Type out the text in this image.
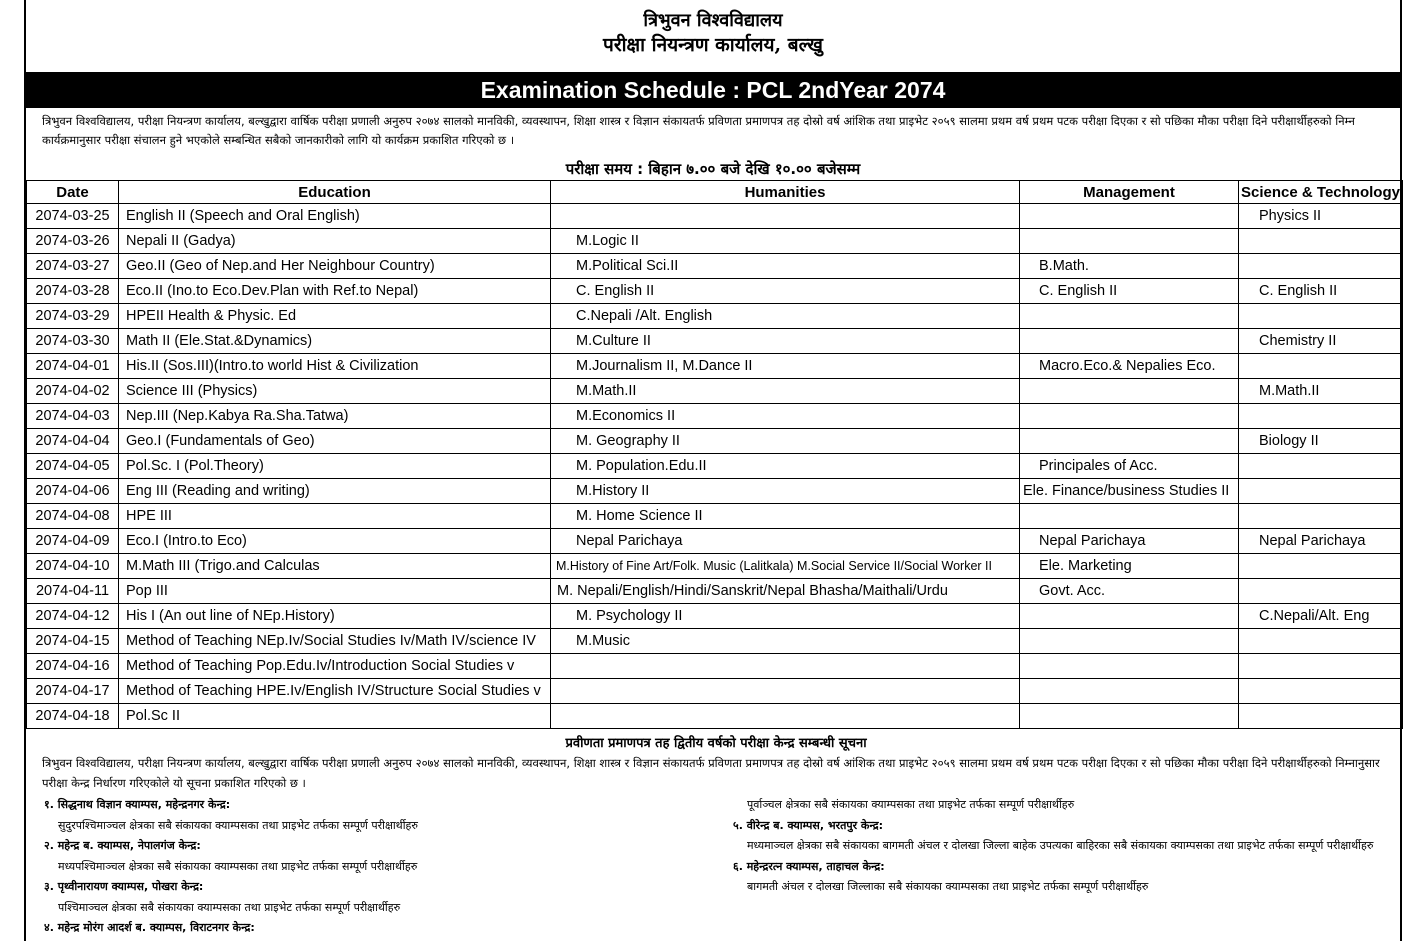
त्रिभुवन विश्वविद्यालय
परीक्षा नियन्त्रण कार्यालय, बल्खु
Examination Schedule : PCL 2ndYear 2074
त्रिभुवन विश्वविद्यालय, परीक्षा नियन्त्रण कार्यालय, बल्खुद्वारा वार्षिक परीक्षा प्रणाली अनुरुप २०७४ सालको मानविकी, व्यवस्थापन, शिक्षा शास्त्र र विज्ञान संकायतर्फ प्रविणता प्रमाणपत्र तह दोस्रो वर्ष आंशिक तथा प्राइभेट २०५९ सालमा प्रथम वर्ष प्रथम पटक परीक्षा दिएका र सो पछिका मौका परीक्षा दिने परीक्षार्थीहरुको निम्न कार्यक्रमानुसार परीक्षा संचालन हुने भएकोले सम्बन्धित सबैको जानकारीको लागि यो कार्यक्रम प्रकाशित गरिएको छ ।
परीक्षा समय : बिहान ७.०० बजे देखि १०.०० बजेसम्म
Date	Education	Humanities	Management	Science & Technology
2074-03-25	English II (Speech and Oral English)			Physics II
2074-03-26	Nepali II (Gadya)	M.Logic II		
2074-03-27	Geo.II (Geo of Nep.and Her Neighbour Country)	M.Political Sci.II	B.Math.	
2074-03-28	Eco.II (Ino.to Eco.Dev.Plan with Ref.to Nepal)	C. English II	C. English II	C. English II
2074-03-29	HPEII Health & Physic. Ed	C.Nepali /Alt. English		
2074-03-30	Math II (Ele.Stat.&Dynamics)	M.Culture II		Chemistry II
2074-04-01	His.II (Sos.III)(Intro.to world Hist & Civilization	M.Journalism II, M.Dance II	Macro.Eco.& Nepalies Eco.	
2074-04-02	Science III (Physics)	M.Math.II		M.Math.II
2074-04-03	Nep.III (Nep.Kabya Ra.Sha.Tatwa)	M.Economics II		
2074-04-04	Geo.I (Fundamentals of Geo)	M. Geography II		Biology II
2074-04-05	Pol.Sc. I (Pol.Theory)	M. Population.Edu.II	Principales of Acc.	
2074-04-06	Eng III (Reading and writing)	M.History II	Ele. Finance/business Studies II	
2074-04-08	HPE III	M. Home Science II		
2074-04-09	Eco.I (Intro.to Eco)	Nepal Parichaya	Nepal Parichaya	Nepal Parichaya
2074-04-10	M.Math III (Trigo.and Calculas	M.History of Fine Art/Folk. Music (Lalitkala) M.Social Service II/Social Worker II	Ele. Marketing	
2074-04-11	Pop III	M. Nepali/English/Hindi/Sanskrit/Nepal Bhasha/Maithali/Urdu	Govt. Acc.	
2074-04-12	His I (An out line of NEp.History)	M. Psychology II		C.Nepali/Alt. Eng
2074-04-15	Method of Teaching NEp.Iv/Social Studies Iv/Math IV/science IV	M.Music		
2074-04-16	Method of Teaching Pop.Edu.Iv/Introduction Social Studies v			
2074-04-17	Method of Teaching HPE.Iv/English IV/Structure Social Studies v			
2074-04-18	Pol.Sc II			
प्रवीणता प्रमाणपत्र तह द्वितीय वर्षको परीक्षा केन्द्र सम्बन्धी सूचना
त्रिभुवन विश्वविद्यालय, परीक्षा नियन्त्रण कार्यालय, बल्खुद्वारा वार्षिक परीक्षा प्रणाली अनुरुप २०७४ सालको मानविकी, व्यवस्थापन, शिक्षा शास्त्र र विज्ञान संकायतर्फ प्रविणता प्रमाणपत्र तह दोस्रो वर्ष आंशिक तथा प्राइभेट २०५९ सालमा प्रथम वर्ष प्रथम पटक परीक्षा दिएका र सो पछिका मौका परीक्षा दिने परीक्षार्थीहरुको निम्नानुसार परीक्षा केन्द्र निर्धारण गरिएकोले यो सूचना प्रकाशित गरिएको छ ।
१. सिद्धनाथ विज्ञान क्याम्पस, महेन्द्रनगर केन्द्र:
सुदुरपश्चिमाञ्चल क्षेत्रका सबै संकायका क्याम्पसका तथा प्राइभेट तर्फका सम्पूर्ण परीक्षार्थीहरु
२. महेन्द्र ब. क्याम्पस, नेपालगंज केन्द्र:
मध्यपश्चिमाञ्चल क्षेत्रका सबै संकायका क्याम्पसका तथा प्राइभेट तर्फका सम्पूर्ण परीक्षार्थीहरु
३. पृथ्वीनारायण क्याम्पस, पोखरा केन्द्र:
पश्चिमाञ्चल क्षेत्रका सबै संकायका क्याम्पसका तथा प्राइभेट तर्फका सम्पूर्ण परीक्षार्थीहरु
४. महेन्द्र मोरंग आदर्श ब. क्याम्पस, विराटनगर केन्द्र:
पूर्वाञ्चल क्षेत्रका सबै संकायका क्याम्पसका तथा प्राइभेट तर्फका सम्पूर्ण परीक्षार्थीहरु
५. वीरेन्द्र ब. क्याम्पस, भरतपुर केन्द्र:
मध्यमाञ्चल क्षेत्रका सबै संकायका बागमती अंचल र दोलखा जिल्ला बाहेक उपत्यका बाहिरका सबै संकायका क्याम्पसका तथा प्राइभेट तर्फका सम्पूर्ण परीक्षार्थीहरु
६. महेन्द्ररत्न क्याम्पस, ताहाचल केन्द्र:
बागमती अंचल र दोलखा जिल्लाका सबै संकायका क्याम्पसका तथा प्राइभेट तर्फका सम्पूर्ण परीक्षार्थीहरु
